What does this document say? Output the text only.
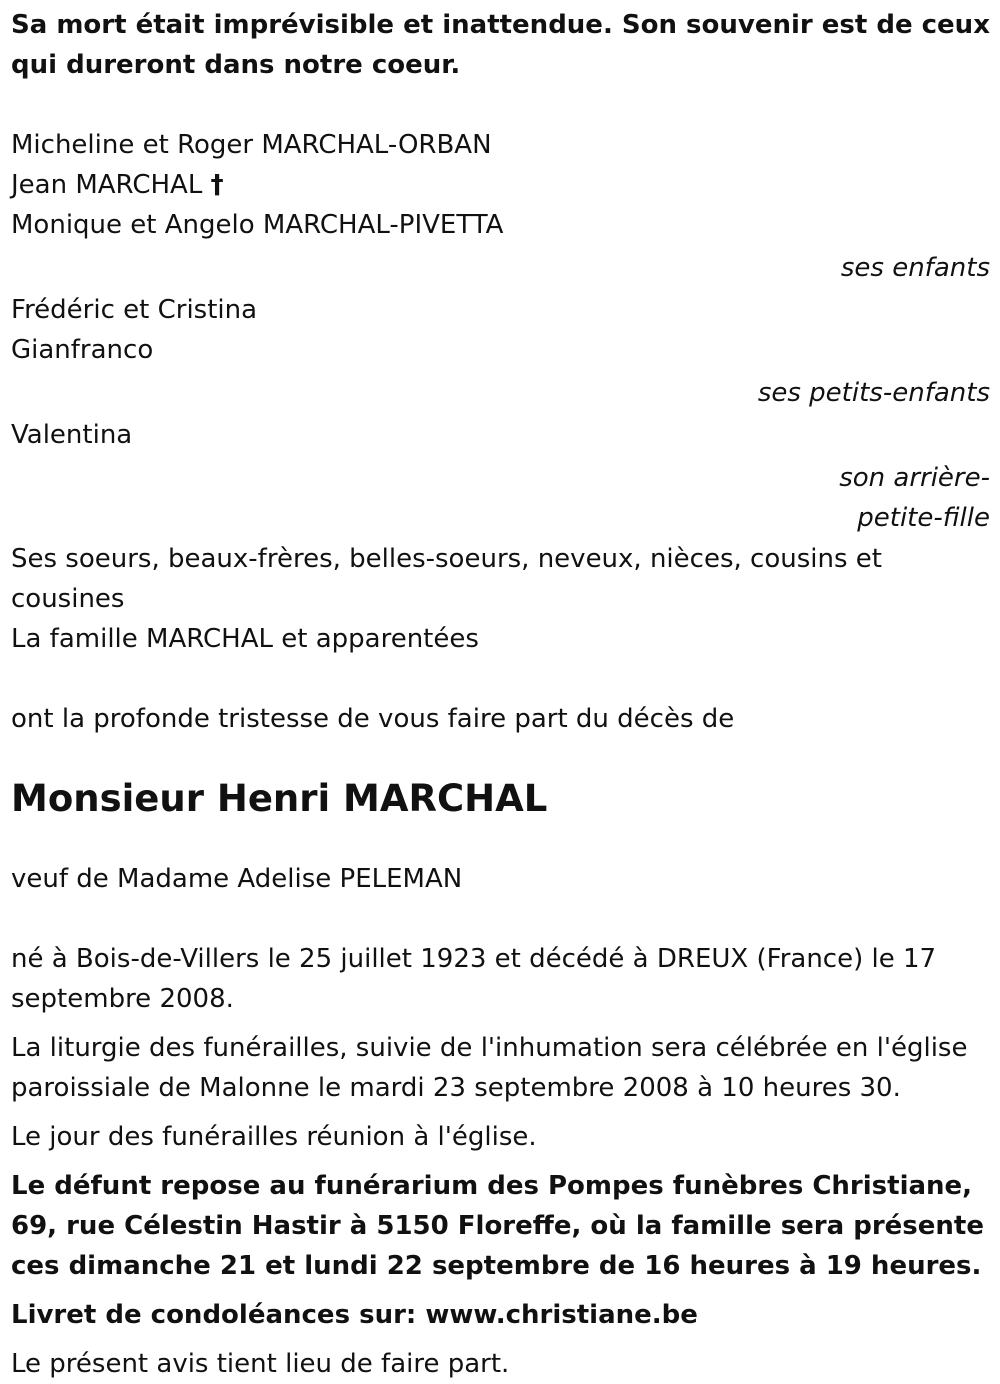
Sa mort était imprévisible et inattendue. Son souvenir est de ceux qui dureront dans notre coeur.
Micheline et Roger MARCHAL-ORBAN
Jean MARCHAL †
Monique et Angelo MARCHAL-PIVETTA
ses enfants
Frédéric et Cristina
Gianfranco
ses petits-enfants
Valentina
son arrière-
petite-fille
Ses soeurs, beaux-frères, belles-soeurs, neveux, nièces, cousins et cousines
La famille MARCHAL et apparentées
ont la profonde tristesse de vous faire part du décès de
Monsieur Henri MARCHAL
veuf de Madame Adelise PELEMAN
né à Bois-de-Villers le 25 juillet 1923 et décédé à DREUX (France) le 17 septembre 2008.
La liturgie des funérailles, suivie de l'inhumation sera célébrée en l'église paroissiale de Malonne le mardi 23 septembre 2008 à 10 heures 30.
Le jour des funérailles réunion à l'église.
Le défunt repose au funérarium des Pompes funèbres Christiane, 69, rue Célestin Hastir à 5150 Floreffe, où la famille sera présente ces dimanche 21 et lundi 22 septembre de 16 heures à 19 heures.
Livret de condoléances sur: www.christiane.be
Le présent avis tient lieu de faire part.
